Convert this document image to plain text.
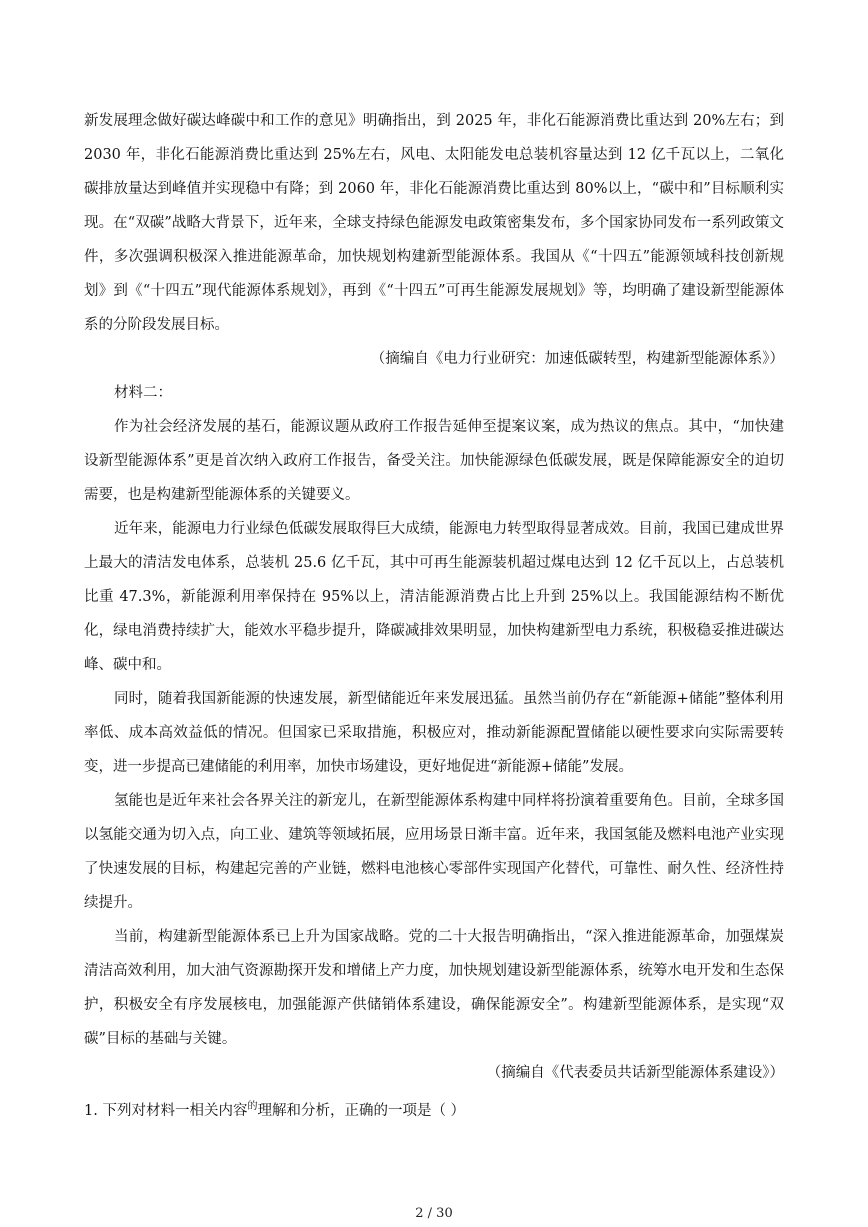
新发展理念做好碳达峰碳中和工作的意见》明确指出，到 2025 年，非化石能源消费比重达到 20%左右；到 2030 年，非化石能源消费比重达到 25%左右，风电、太阳能发电总装机容量达到 12 亿千瓦以上，二氧化碳排放量达到峰值并实现稳中有降；到 2060 年，非化石能源消费比重达到 80%以上，“碳中和”目标顺利实现。在“双碳”战略大背景下，近年来，全球支持绿色能源发电政策密集发布，多个国家协同发布一系列政策文件，多次强调积极深入推进能源革命，加快规划构建新型能源体系。我国从《“十四五”能源领域科技创新规划》到《“十四五”现代能源体系规划》，再到《“十四五”可再生能源发展规划》等，均明确了建设新型能源体系的分阶段发展目标。

（摘编自《电力行业研究：加速低碳转型，构建新型能源体系》）

材料二：

作为社会经济发展的基石，能源议题从政府工作报告延伸至提案议案，成为热议的焦点。其中，“加快建设新型能源体系”更是首次纳入政府工作报告，备受关注。加快能源绿色低碳发展，既是保障能源安全的迫切需要，也是构建新型能源体系的关键要义。

近年来，能源电力行业绿色低碳发展取得巨大成绩，能源电力转型取得显著成效。目前，我国已建成世界上最大的清洁发电体系，总装机 25.6 亿千瓦，其中可再生能源装机超过煤电达到 12 亿千瓦以上，占总装机比重 47.3%，新能源利用率保持在 95%以上，清洁能源消费占比上升到 25%以上。我国能源结构不断优化，绿电消费持续扩大，能效水平稳步提升，降碳减排效果明显，加快构建新型电力系统，积极稳妥推进碳达峰、碳中和。

同时，随着我国新能源的快速发展，新型储能近年来发展迅猛。虽然当前仍存在“新能源+储能”整体利用率低、成本高效益低的情况。但国家已采取措施，积极应对，推动新能源配置储能以硬性要求向实际需要转变，进一步提高已建储能的利用率，加快市场建设，更好地促进“新能源+储能”发展。

氢能也是近年来社会各界关注的新宠儿，在新型能源体系构建中同样将扮演着重要角色。目前，全球多国以氢能交通为切入点，向工业、建筑等领域拓展，应用场景日渐丰富。近年来，我国氢能及燃料电池产业实现了快速发展的目标，构建起完善的产业链，燃料电池核心零部件实现国产化替代，可靠性、耐久性、经济性持续提升。

当前，构建新型能源体系已上升为国家战略。党的二十大报告明确指出，“深入推进能源革命，加强煤炭清洁高效利用，加大油气资源勘探开发和增储上产力度，加快规划建设新型能源体系，统筹水电开发和生态保护，积极安全有序发展核电，加强能源产供储销体系建设，确保能源安全”。构建新型能源体系，是实现“双碳”目标的基础与关键。

（摘编自《代表委员共话新型能源体系建设》）

1. 下列对材料一相关内容$^的$理解和分析，正确的一项是（ ）

2 / 30
